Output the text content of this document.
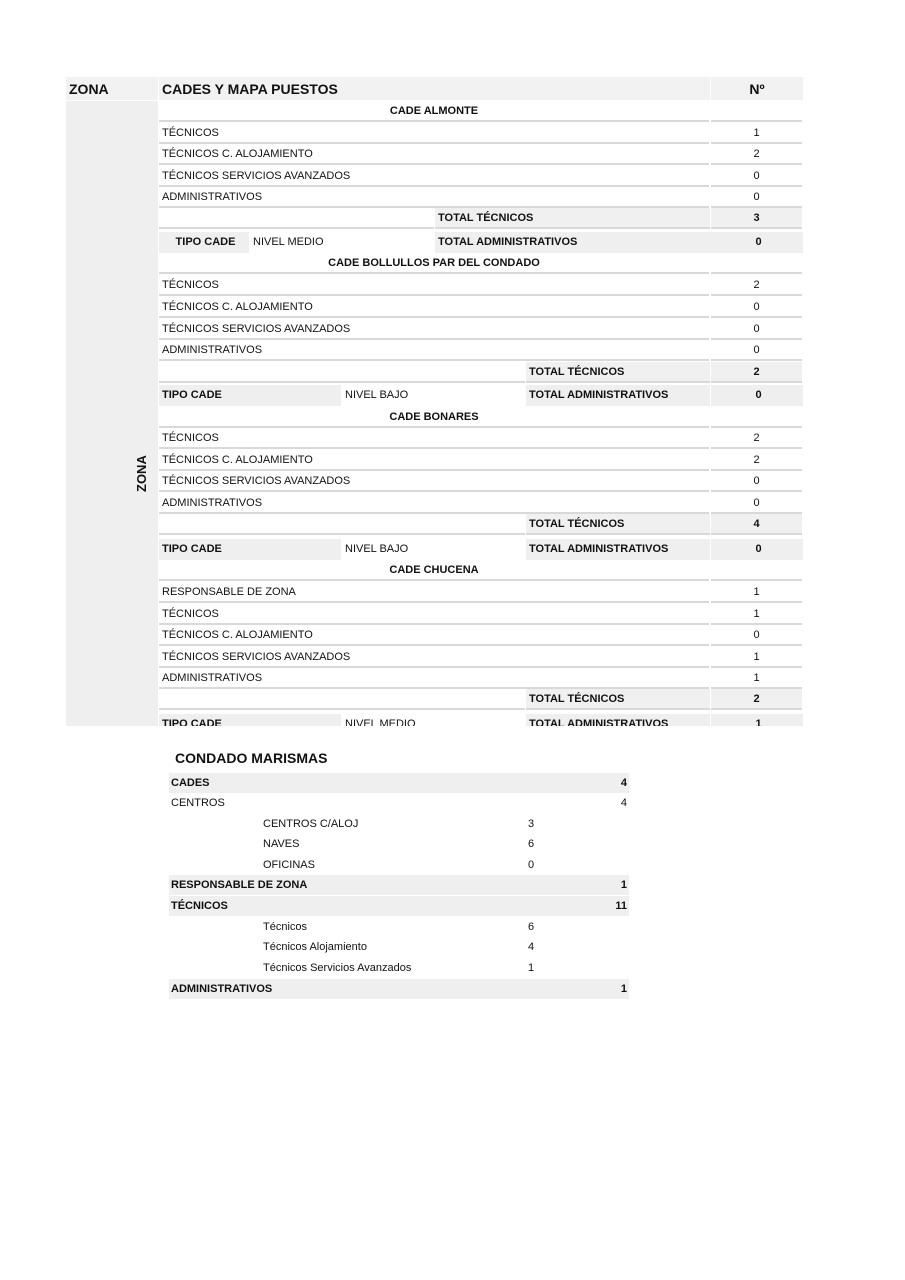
ZONA	CADES Y MAPA PUESTOS	Nº
ZONA
CADE ALMONTE
TÉCNICOS	1
TÉCNICOS C. ALOJAMIENTO	2
TÉCNICOS SERVICIOS AVANZADOS	0
ADMINISTRATIVOS	0
TOTAL TÉCNICOS	3
TIPO CADE	NIVEL MEDIO	TOTAL ADMINISTRATIVOS	0
CADE BOLLULLOS PAR DEL CONDADO
TÉCNICOS	2
TÉCNICOS C. ALOJAMIENTO	0
TÉCNICOS SERVICIOS AVANZADOS	0
ADMINISTRATIVOS	0
TOTAL TÉCNICOS	2
TIPO CADE	NIVEL BAJO	TOTAL ADMINISTRATIVOS	0
CADE BONARES
TÉCNICOS	2
TÉCNICOS C. ALOJAMIENTO	2
TÉCNICOS SERVICIOS AVANZADOS	0
ADMINISTRATIVOS	0
TOTAL TÉCNICOS	4
TIPO CADE	NIVEL BAJO	TOTAL ADMINISTRATIVOS	0
CADE CHUCENA
RESPONSABLE DE ZONA	1
TÉCNICOS	1
TÉCNICOS C. ALOJAMIENTO	0
TÉCNICOS SERVICIOS AVANZADOS	1
ADMINISTRATIVOS	1
TOTAL TÉCNICOS	2
TIPO CADE	NIVEL MEDIO	TOTAL ADMINISTRATIVOS	1
CONDADO MARISMAS
CADES	4
CENTROS	4
CENTROS C/ALOJ	3
NAVES	6
OFICINAS	0
RESPONSABLE DE ZONA	1
TÉCNICOS	11
Técnicos	6
Técnicos Alojamiento	4
Técnicos Servicios Avanzados	1
ADMINISTRATIVOS	1
